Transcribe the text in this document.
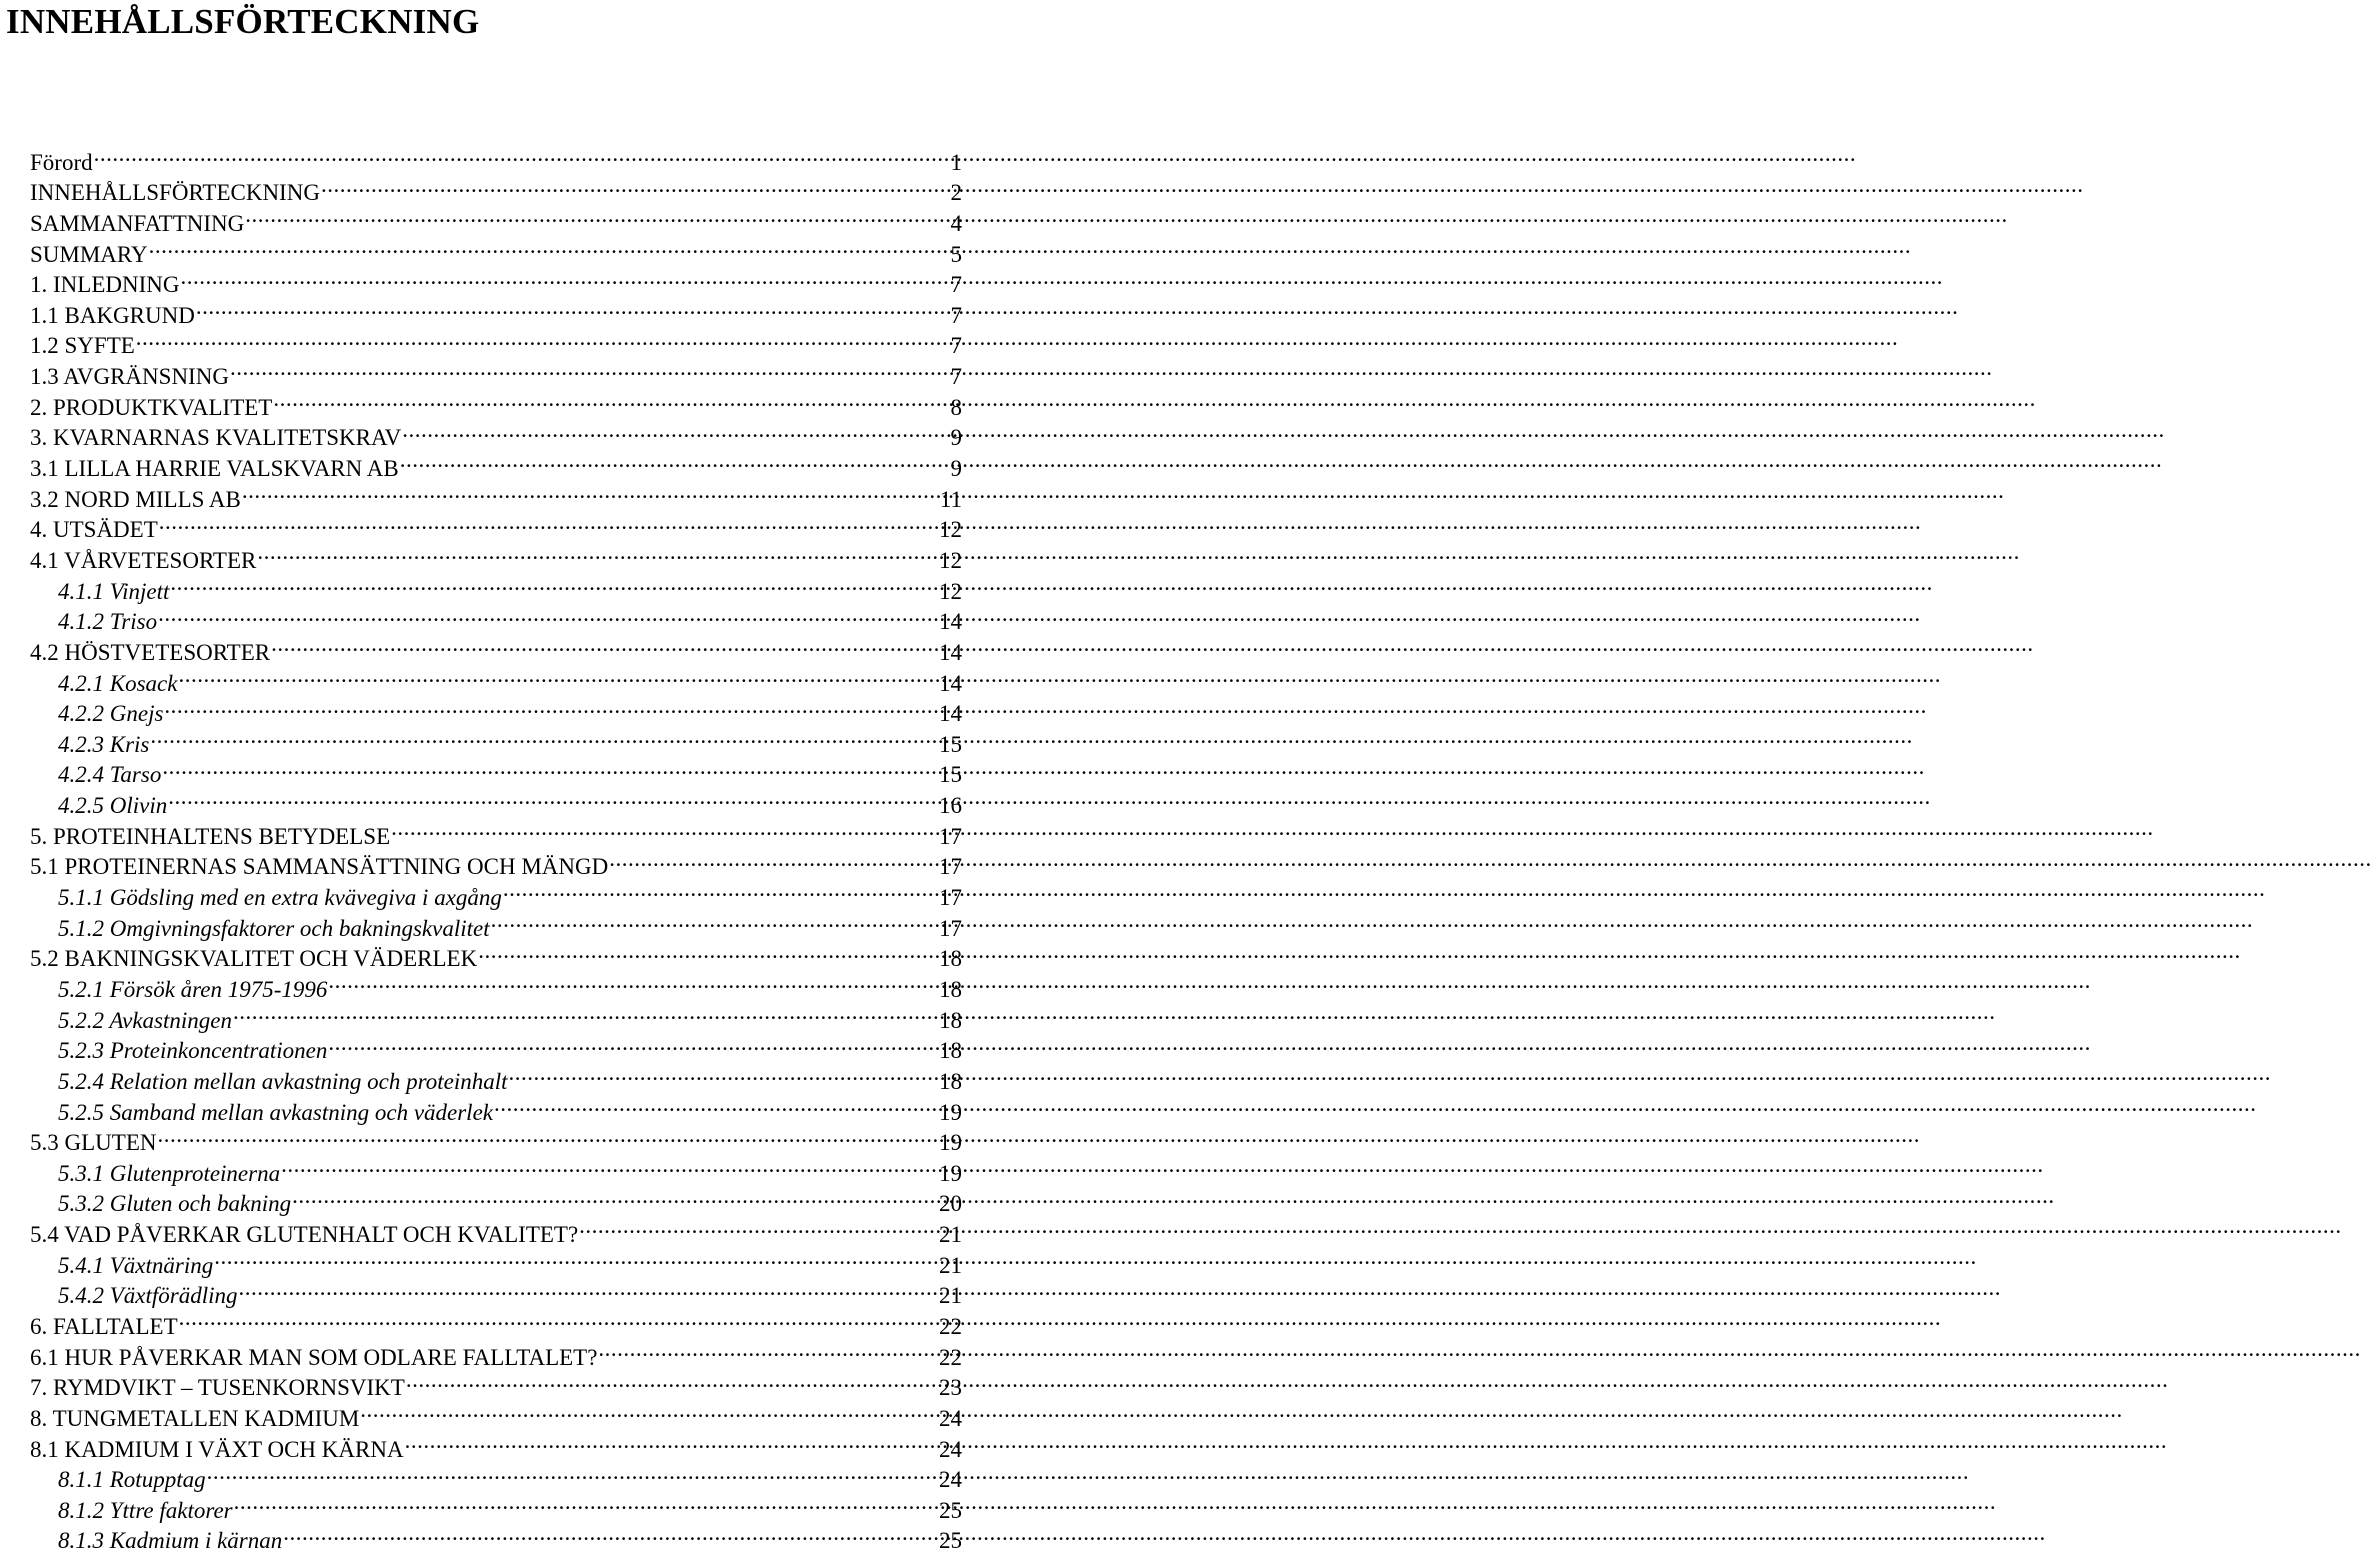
INNEHÅLLSFÖRTECKNING
Förord .....	1
INNEHÅLLSFÖRTECKNING .....	2
SAMMANFATTNING .....	4
SUMMARY .....	5
1. INLEDNING .....	7
1.1 BAKGRUND .....	7
1.2 SYFTE .....	7
1.3 AVGRÄNSNING .....	7
2. PRODUKTKVALITET .....	8
3. KVARNARNAS KVALITETSKRAV .....	9
3.1 LILLA HARRIE VALSKVARN AB .....	9
3.2 NORD MILLS AB .....	11
4. UTSÄDET .....	12
4.1 VÅRVETESORTER .....	12
4.1.1 Vinjett .....	12
4.1.2 Triso .....	14
4.2 HÖSTVETESORTER .....	14
4.2.1 Kosack .....	14
4.2.2 Gnejs .....	14
4.2.3 Kris .....	15
4.2.4 Tarso .....	15
4.2.5 Olivin .....	16
5. PROTEINHALTENS BETYDELSE .....	17
5.1 PROTEINERNAS SAMMANSÄTTNING OCH MÄNGD .....	17
5.1.1 Gödsling med en extra kvävegiva i axgång .....	17
5.1.2 Omgivningsfaktorer och bakningskvalitet .....	17
5.2 BAKNINGSKVALITET OCH VÄDERLEK .....	18
5.2.1 Försök åren 1975-1996 .....	18
5.2.2 Avkastningen .....	18
5.2.3 Proteinkoncentrationen .....	18
5.2.4 Relation mellan avkastning och proteinhalt .....	18
5.2.5 Samband mellan avkastning och väderlek .....	19
5.3 GLUTEN .....	19
5.3.1 Glutenproteinerna .....	19
5.3.2 Gluten och bakning .....	20
5.4 VAD PÅVERKAR GLUTENHALT OCH KVALITET? .....	21
5.4.1 Växtnäring .....	21
5.4.2 Växtförädling .....	21
6. FALLTALET .....	22
6.1 HUR PÅVERKAR MAN SOM ODLARE FALLTALET? .....	22
7. RYMDVIKT – TUSENKORNSVIKT .....	23
8. TUNGMETALLEN KADMIUM .....	24
8.1 KADMIUM I VÄXT OCH KÄRNA .....	24
8.1.1 Rotupptag .....	24
8.1.2 Yttre faktorer .....	25
8.1.3 Kadmium i kärnan .....	25
